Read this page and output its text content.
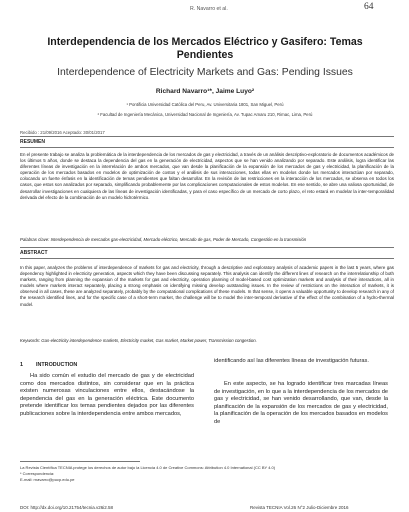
R. Navarro et al.	64
Interdependencia de los Mercados Eléctrico y Gasifero: Temas Pendientes
Interdependence of Electricity Markets and Gas: Pending Issues
Richard Navarro¹*, Jaime Luyo²
¹ Pontificia Universidad Católica del Peru, Av. Universitaria 1801, San Miguel, Perú
² Facultad de Ingeniería Mecánica, Universidad Nacional de Ingeniería, Av. Tupac Amaru 210, Rimac, Lima, Perú
Recibido : 21/09/2016 Aceptado: 30/01/2017
RESUMEN
En el presente trabajo se analiza la problemática de la interdependencia de los mercados de gas y electricidad, a través de un análisis descriptivo-exploratorio de documentos académicos de los últimos 5 años, donde se destaca la dependencia del gas en la generación de electricidad, aspectos que se han venido analizando por separado. Este análisis, logra identificar las diferentes líneas de investigación en la interrelación de ambos mercados, que van desde la planificación de la expansión de los mercados de gas y electricidad, la planificación de la operación de los mercados basados en modelos de optimización de costos y el análisis de sus interacciones, todas ellas en modelos donde los mercados interactúan por separado, colocando un fuerte énfasis en la identificación de temas pendientes que faltan desarrollar. En la revisión de las restricciones en la interacción de los mercados, se observa en todos los casos, que estos son analizados por separado, simplificando probablemente por las complicaciones computacionales de estos modelos. En ese sentido, se abre una valiosa oportunidad, de desarrollar investigaciones en cualquiera de las líneas de investigación identificadas, y para el caso específico de un mercado de corto plazo, el reto estará en modelar la inter-temporalidad derivada del efecto de la combinación de un modelo hidrotérmico.
Palabras clave: Interdependencia de mercados gas-electricidad, Mercado eléctrico, Mercado de gas, Poder de Mercado, Congestión en la transmisión
ABSTRACT
In this paper, analyzes the problems of interdependence of markets for gas and electricity, through a descriptive and exploratory analysis of academic papers in the last 5 years, where gas dependency highlighted in electricity generation, aspects which they have been discussing separately. This analysis can identify the different lines of research on the interrelationship of both markets, ranging from planning the expansion of the markets for gas and electricity, operation planning of model-based cost optimization markets and analysis of their interactions, all in models where markets interact separately, placing a strong emphasis on identifying missing develop outstanding issues. In the review of restrictions on the interaction of markets, it is observed in all cases, these are analyzed separately, probably by the computational complications of these models. In that sense, it opens a valuable opportunity to develop research in any of the research identified lines, and for the specific case of a short-term market, the challenge will be to model the inter-temporal derivative of the effect of the combination of a hydro-thermal model.
Keywords: Gas-electricity interdependence markets, Electricity market, Gas market, Market power, Transmission congestion.
1 INTRODUCTION
Ha sido común el estudio del mercado de gas y de electricidad como dos mercados distintos, sin considerar que en la práctica existen numerosas vinculaciones entre ellos, destacándose la dependencia del gas en la generación eléctrica. Este documento pretende identificar los temas pendientes dejados por las diferentes publicaciones sobre la interdependencia entre ambos mercados,
identificando así las diferentes líneas de investigación futuras.
En este aspecto, se ha logrado identificar tres marcadas líneas de investigación, en lo que a la interdependencia de los mercados de gas y electricidad, se han venido desarrollando, que van, desde la planificación de la expansión de los mercados de gas y electricidad, la planificación de la operación de los mercados basados en modelos de
La Revista Científica TECNIA protege los derechos de autor bajo la Licencia 4.0 de Creative Commons: Attribution 4.0 International (CC BY 4.0)
* Correspondencia:
E-mail: rnavarro@pucp.edu.pe
DOI: http://dx.doi.org/10.21754/tecnia.v26i2.58	Revista TECNIA Vol.26 N°2 Julio-Diciembre 2016
